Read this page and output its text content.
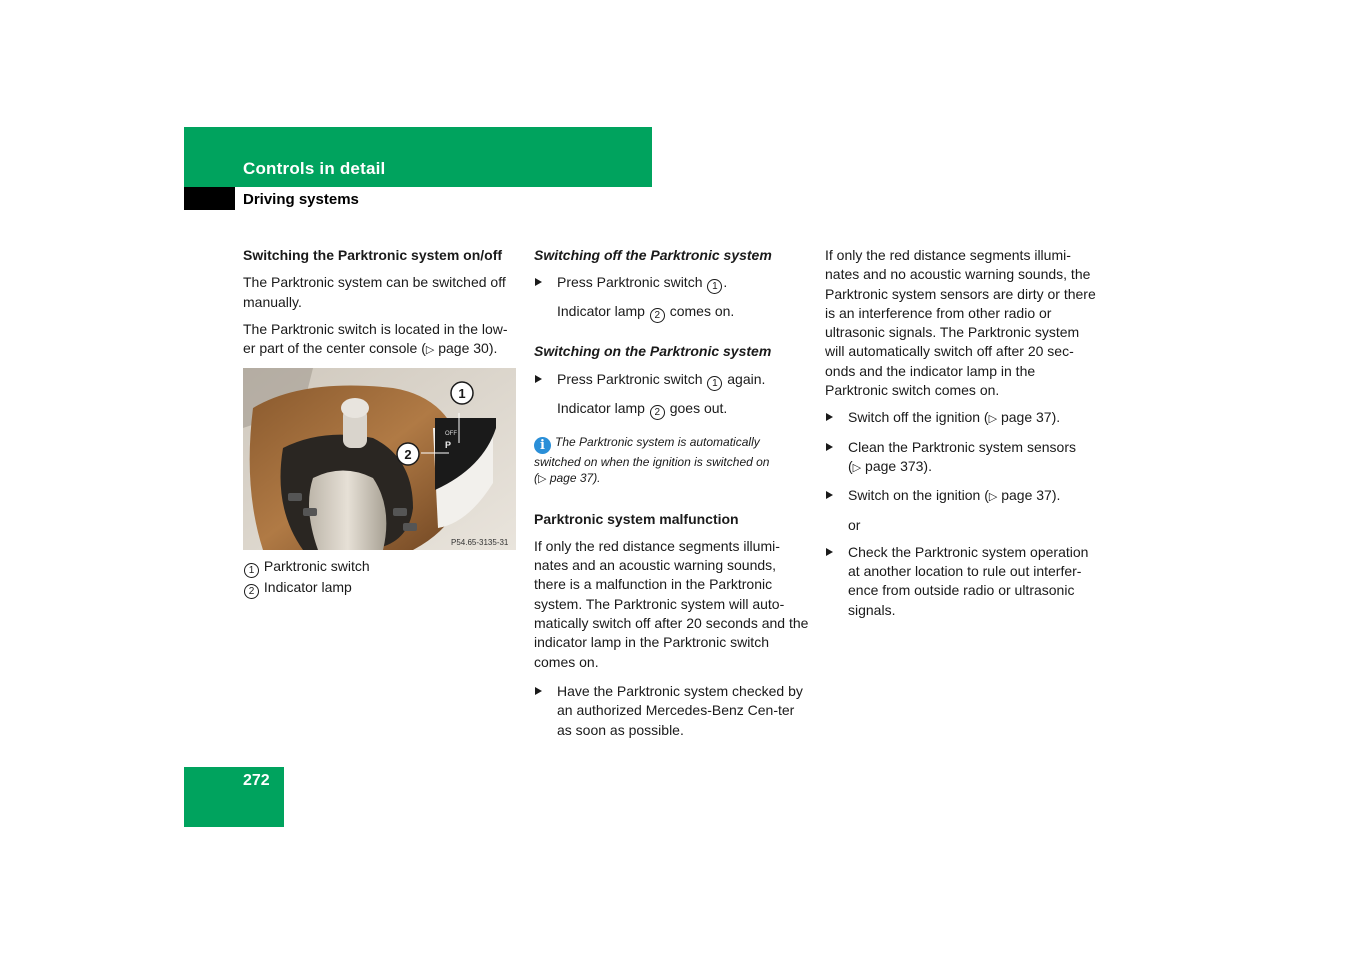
Controls in detail
Driving systems
Switching the Parktronic system on/off

The Parktronic system can be switched off manually.

The Parktronic switch is located in the low-er part of the center console (▷ page 30).

OFF
P
1
2
P54.65-3135-31
1 Parktronic switch
2 Indicator lamp
Switching off the Parktronic system
Press Parktronic switch 1 .
Indicator lamp 2 comes on.
Switching on the Parktronic system
Press Parktronic switch 1 again.
Indicator lamp 2 goes out.
i The Parktronic system is automatically switched on when the ignition is switched on (▷ page 37).
Parktronic system malfunction

If only the red distance segments illumi-nates and an acoustic warning sounds, there is a malfunction in the Parktronic system. The Parktronic system will auto-matically switch off after 20 seconds and the indicator lamp in the Parktronic switch comes on.

Have the Parktronic system checked by an authorized Mercedes-Benz Cen-ter as soon as possible.

If only the red distance segments illumi-nates and no acoustic warning sounds, the Parktronic system sensors are dirty or there is an interference from other radio or ultrasonic signals. The Parktronic system will automatically switch off after 20 sec-onds and the indicator lamp in the Parktronic switch comes on.

Switch off the ignition (▷ page 37).
Clean the Parktronic system sensors (▷ page 373).
Switch on the ignition (▷ page 37).
or
Check the Parktronic system operation at another location to rule out interfer-ence from outside radio or ultrasonic signals.
272
